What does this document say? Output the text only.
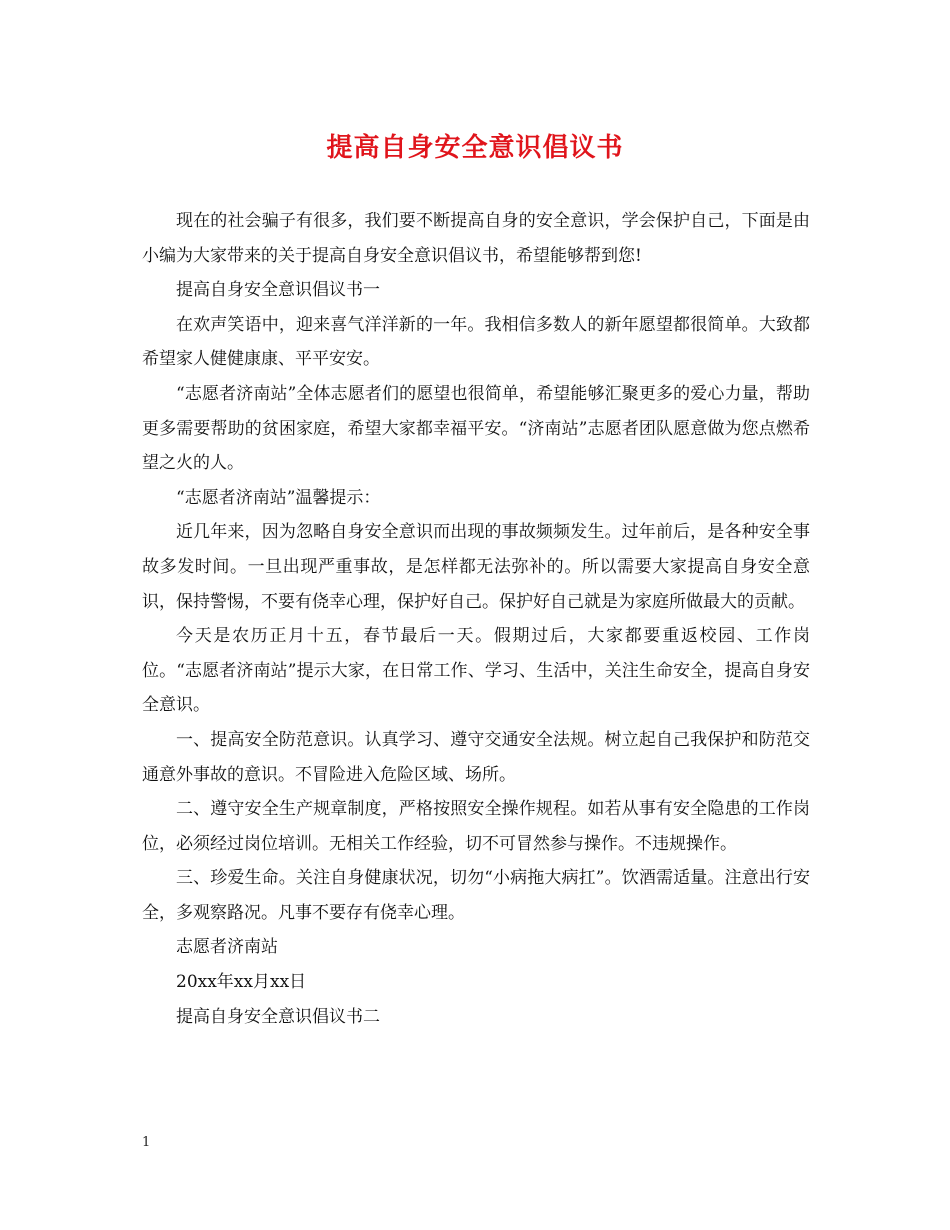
提高自身安全意识倡议书

现在的社会骗子有很多，我们要不断提高自身的安全意识，学会保护自己，下面是由小编为大家带来的关于提高自身安全意识倡议书，希望能够帮到您!

提高自身安全意识倡议书一

在欢声笑语中，迎来喜气洋洋新的一年。我相信多数人的新年愿望都很简单。大致都希望家人健健康康、平平安安。

“志愿者济南站”全体志愿者们的愿望也很简单，希望能够汇聚更多的爱心力量，帮助更多需要帮助的贫困家庭，希望大家都幸福平安。“济南站”志愿者团队愿意做为您点燃希望之火的人。

“志愿者济南站”温馨提示：

近几年来，因为忽略自身安全意识而出现的事故频频发生。过年前后，是各种安全事故多发时间。一旦出现严重事故，是怎样都无法弥补的。所以需要大家提高自身安全意识，保持警惕，不要有侥幸心理，保护好自己。保护好自己就是为家庭所做最大的贡献。

今天是农历正月十五，春节最后一天。假期过后，大家都要重返校园、工作岗位。“志愿者济南站”提示大家，在日常工作、学习、生活中，关注生命安全，提高自身安全意识。

一、提高安全防范意识。认真学习、遵守交通安全法规。树立起自己我保护和防范交通意外事故的意识。不冒险进入危险区域、场所。

二、遵守安全生产规章制度，严格按照安全操作规程。如若从事有安全隐患的工作岗位，必须经过岗位培训。无相关工作经验，切不可冒然参与操作。不违规操作。

三、珍爱生命。关注自身健康状况，切勿“小病拖大病扛”。饮酒需适量。注意出行安全，多观察路况。凡事不要存有侥幸心理。

志愿者济南站

20xx年xx月xx日

提高自身安全意识倡议书二

1
